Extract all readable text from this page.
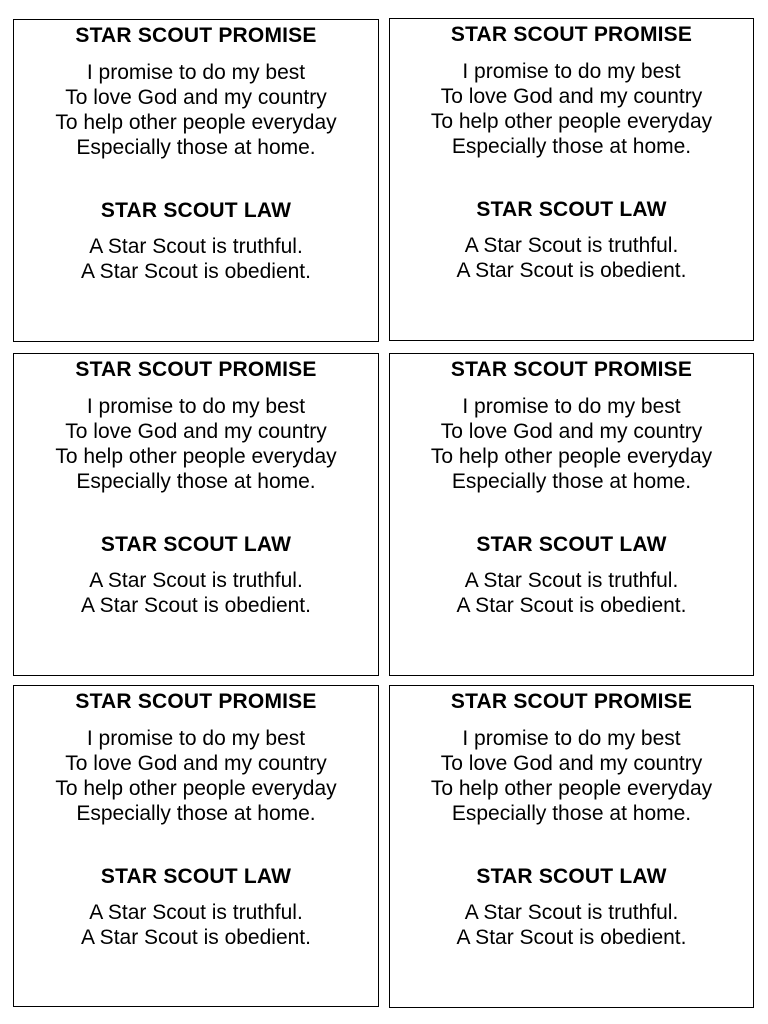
STAR SCOUT PROMISE
I promise to do my best
To love God and my country
To help other people everyday
Especially those at home.
STAR SCOUT LAW
A Star Scout is truthful.
A Star Scout is obedient.
STAR SCOUT PROMISE
I promise to do my best
To love God and my country
To help other people everyday
Especially those at home.
STAR SCOUT LAW
A Star Scout is truthful.
A Star Scout is obedient.
STAR SCOUT PROMISE
I promise to do my best
To love God and my country
To help other people everyday
Especially those at home.
STAR SCOUT LAW
A Star Scout is truthful.
A Star Scout is obedient.
STAR SCOUT PROMISE
I promise to do my best
To love God and my country
To help other people everyday
Especially those at home.
STAR SCOUT LAW
A Star Scout is truthful.
A Star Scout is obedient.
STAR SCOUT PROMISE
I promise to do my best
To love God and my country
To help other people everyday
Especially those at home.
STAR SCOUT LAW
A Star Scout is truthful.
A Star Scout is obedient.
STAR SCOUT PROMISE
I promise to do my best
To love God and my country
To help other people everyday
Especially those at home.
STAR SCOUT LAW
A Star Scout is truthful.
A Star Scout is obedient.
